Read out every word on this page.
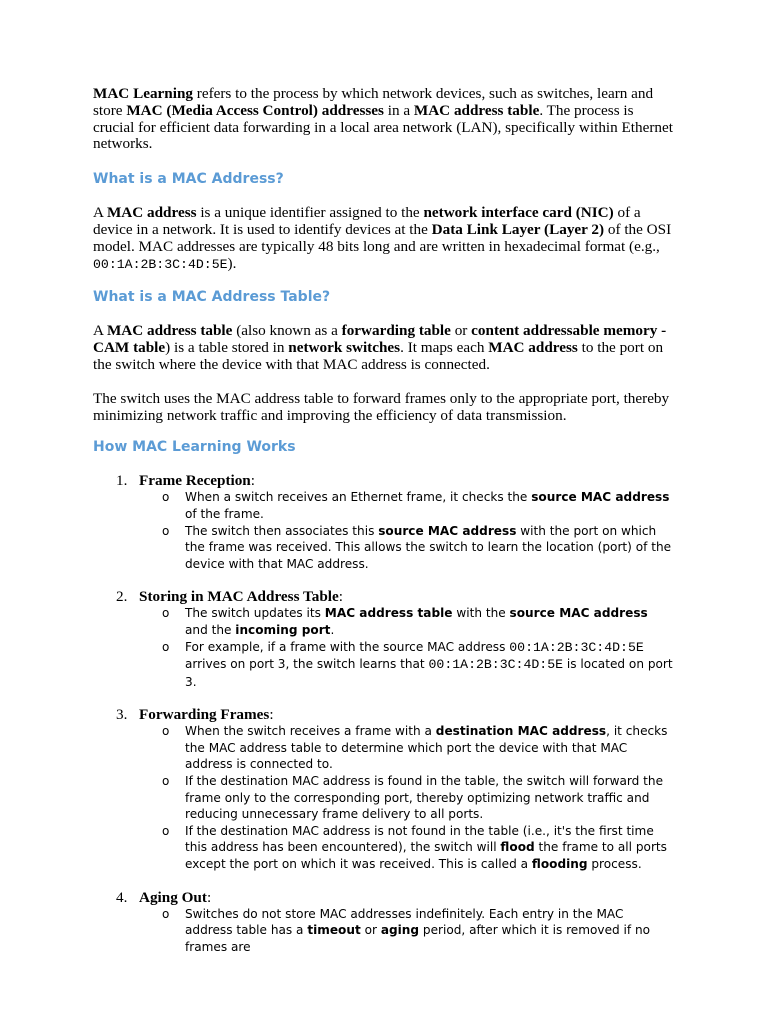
MAC Learning refers to the process by which network devices, such as switches, learn and store MAC (Media Access Control) addresses in a MAC address table. The process is crucial for efficient data forwarding in a local area network (LAN), specifically within Ethernet networks.

What is a MAC Address?

A MAC address is a unique identifier assigned to the network interface card (NIC) of a device in a network. It is used to identify devices at the Data Link Layer (Layer 2) of the OSI model. MAC addresses are typically 48 bits long and are written in hexadecimal format (e.g., 00:1A:2B:3C:4D:5E).

What is a MAC Address Table?

A MAC address table (also known as a forwarding table or content addressable memory - CAM table) is a table stored in network switches. It maps each MAC address to the port on the switch where the device with that MAC address is connected.

The switch uses the MAC address table to forward frames only to the appropriate port, thereby minimizing network traffic and improving the efficiency of data transmission.

How MAC Learning Works
1. Frame Reception:
o When a switch receives an Ethernet frame, it checks the source MAC address of the frame.
o The switch then associates this source MAC address with the port on which the frame was received. This allows the switch to learn the location (port) of the device with that MAC address.
2. Storing in MAC Address Table:
o The switch updates its MAC address table with the source MAC address and the incoming port.
o For example, if a frame with the source MAC address 00:1A:2B:3C:4D:5E arrives on port 3, the switch learns that 00:1A:2B:3C:4D:5E is located on port 3.
3. Forwarding Frames:
o When the switch receives a frame with a destination MAC address, it checks the MAC address table to determine which port the device with that MAC address is connected to.
o If the destination MAC address is found in the table, the switch will forward the frame only to the corresponding port, thereby optimizing network traffic and reducing unnecessary frame delivery to all ports.
o If the destination MAC address is not found in the table (i.e., it's the first time this address has been encountered), the switch will flood the frame to all ports except the port on which it was received. This is called a flooding process.
4. Aging Out:
o Switches do not store MAC addresses indefinitely. Each entry in the MAC address table has a timeout or aging period, after which it is removed if no frames are
